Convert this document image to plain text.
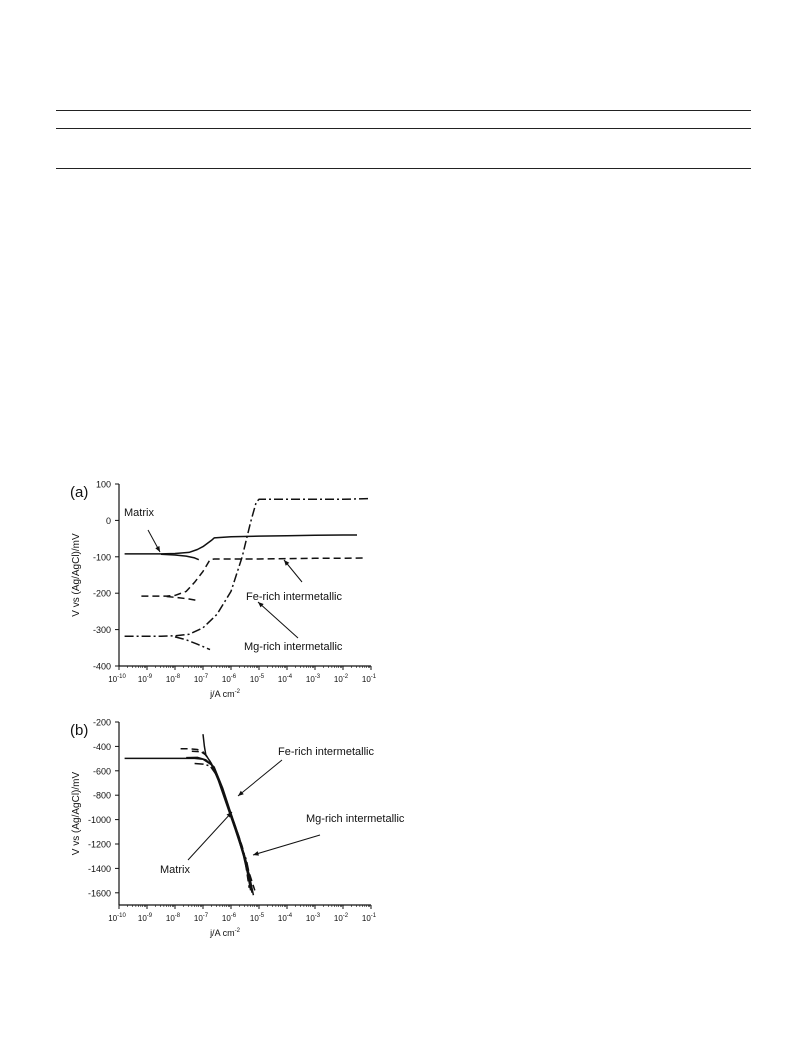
(a) 100
0
-100
-200
-300
-400
$10^{-10}$ $10^{-9}$ $10^{-8}$ $10^{-7}$ $10^{-6}$ $10^{-5}$ $10^{-4}$ $10^{-3}$ $10^{-2}$ $10^{-1}$
j/A $cm^{-2}$
V vs (Ag/AgCl)/mV
Matrix
Fe-rich intermetallic
Mg-rich intermetallic
(b) -200
-400
-600
-800
-1000
-1200
-1400
-1600
$10^{-10}$ $10^{-9}$ $10^{-8}$ $10^{-7}$ $10^{-6}$ $10^{-5}$ $10^{-4}$ $10^{-3}$ $10^{-2}$ $10^{-1}$
j/A $cm^{-2}$
V vs (Ag/AgCl)/mV
Fe-rich intermetallic
Mg-rich intermetallic
Matrix
